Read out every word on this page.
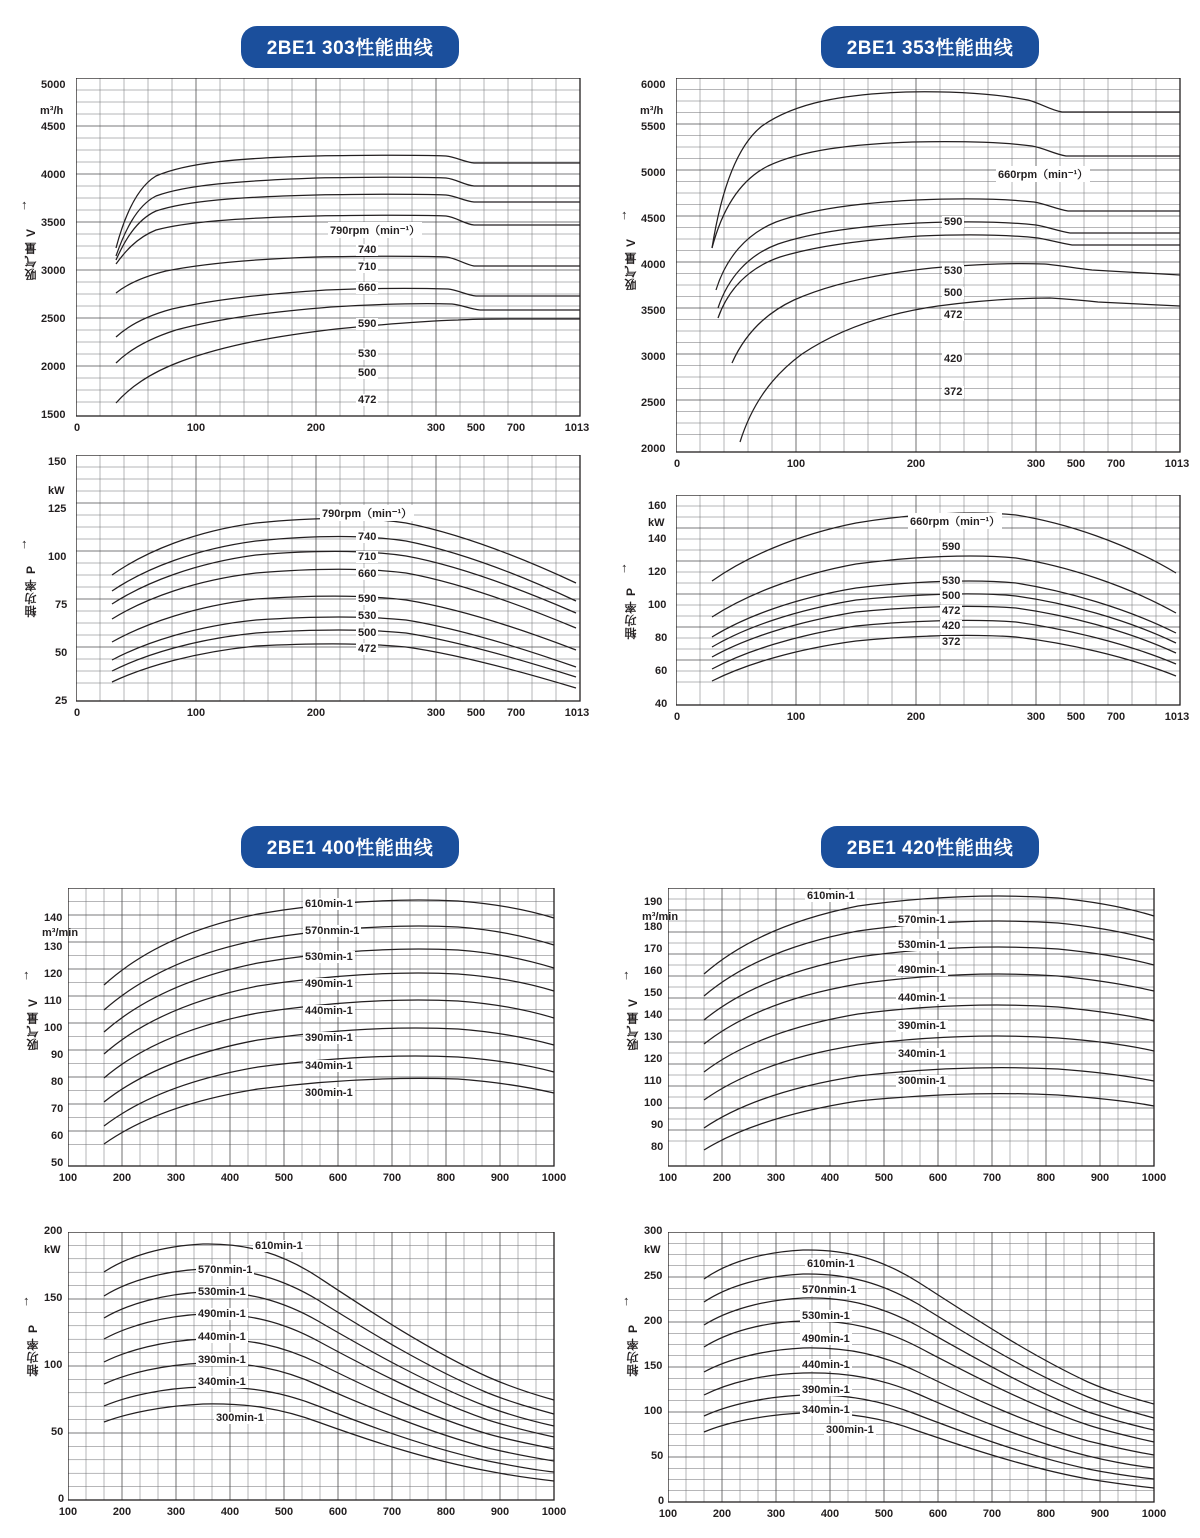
2BE1 303性能曲线
吸气量 V
↑
m³/h
5000
4500
4000
3500
3000
2500
2000
1500
790rpm（min⁻¹）
740
710
660
590
530
500
472
0	100	200	300	500	700	1013
轴功率 P
↑
kW
150
125
100
75
50
25
790rpm（min⁻¹）
740
710
660
590
530
500
472
0	100	200	300	500	700	1013
2BE1 353性能曲线
吸气量 V
↑
m³/h
6000
5500
5000
4500
4000
3500
3000
2500
2000
660rpm（min⁻¹）
590
530
500
472
420
372
0	100	200	300	500	700	1013
轴功率 P
↑
kW
160
140
120
100
80
60
40
660rpm（min⁻¹）
590
530
500
472
420
372
0	100	200	300	500	700	1013
2BE1 400性能曲线
吸气量 V
↑
m³/min
140
130
120
110
100
90
80
70
60
50
610min-1
570nmin-1
530min-1
490min-1
440min-1
390min-1
340min-1
300min-1
100	200	300	400	500	600	700	800	900	1000
轴功率 P
↑
kW
200
150
100
50
0
610min-1
570nmin-1
530min-1
490min-1
440min-1
390min-1
340min-1
300min-1
100	200	300	400	500	600	700	800	900	1000
2BE1 420性能曲线
吸气量 V
↑
m³/min
190
180
170
160
150
140
130
120
110
100
90
80
610min-1
570min-1
530min-1
490min-1
440min-1
390min-1
340min-1
300min-1
100	200	300	400	500	600	700	800	900	1000
轴功率 P
↑
kW
300
250
200
150
100
50
0
610min-1
570nmin-1
530min-1
490min-1
440min-1
390min-1
340min-1
300min-1
100	200	300	400	500	600	700	800	900	1000
